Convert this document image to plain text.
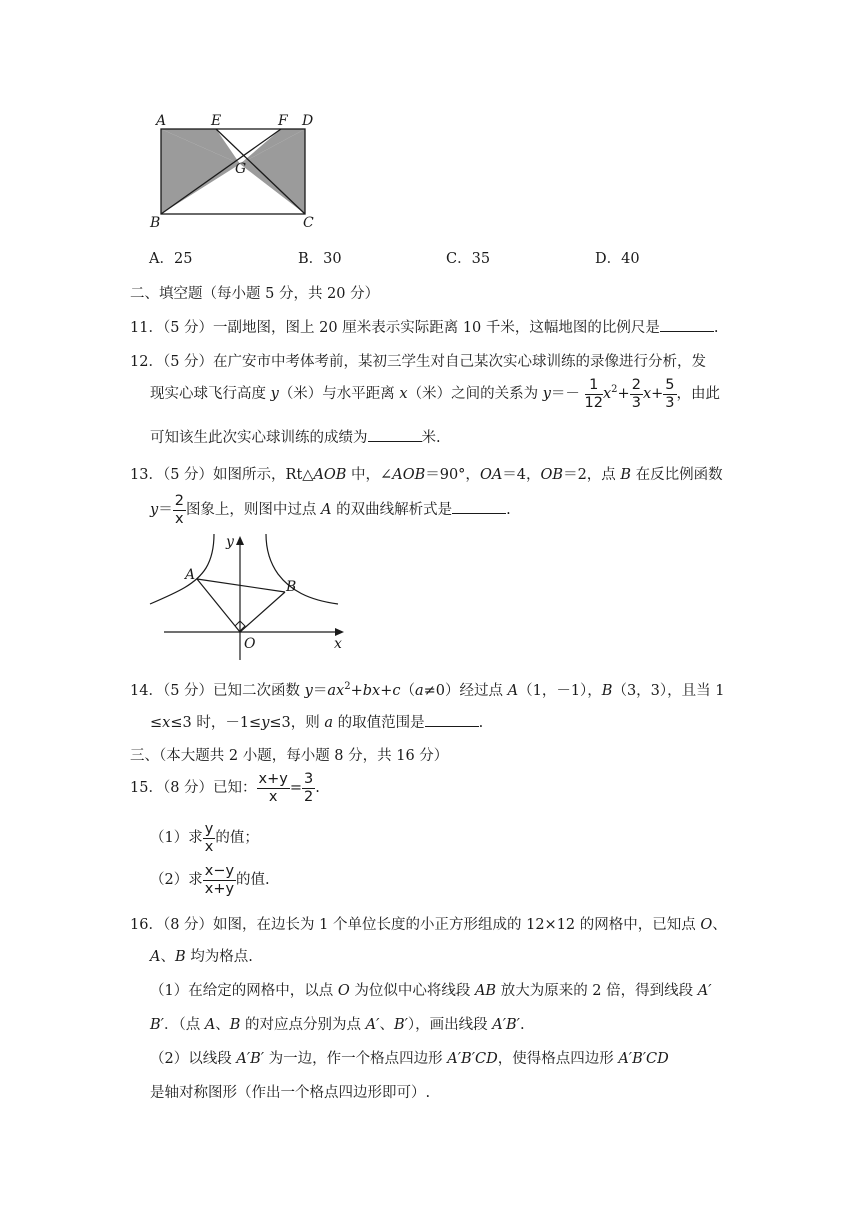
A	E	F D
G
B	C
A．25	B．30	C．35	D．40
二、填空题（每小题 5 分，共 20 分）
11．（5 分）一副地图，图上 20 厘米表示实际距离 10 千米，这幅地图的比例尺是	.
12．（5 分）在广安市中考体考前，某初三学生对自己某次实心球训练的录像进行分析，发
现实心球飞行高度 y（米）与水平距离 x（米）之间的关系为 $y=- \frac{1}{12} x^2+ \frac{2}{3} x+ \frac{5}{3}$ ，由此
可知该生此次实心球训练的成绩为	米.
13．（5 分）如图所示，Rt△AOB 中，∠AOB＝90°，OA＝4，OB＝2，点 B 在反比例函数
$y= \frac{2}{x}$ 图象上，则图中过点 A 的双曲线解析式是	.
y
A
B
O	x
14．（5 分）已知二次函数 $y=ax^2+bx+c(a\ne 0)$经过点 A（1，－1），B（3，3），且当 1
≤x≤3 时，－1≤y≤3，则 a 的取值范围是	.
三、（本大题共 2 小题，每小题 8 分，共 16 分）
15．（8 分）已知： $\frac{x+y}{x} = \frac{3}{2}$ .
（1）求 $\frac{y}{x}$ 的值；
（2）求 $\frac{x-y}{x+y}$ 的值.
16．（8 分）如图，在边长为 1 个单位长度的小正方形组成的 12×12 的网格中，已知点 O、
A、B 均为格点.
（1）在给定的网格中，以点 O 为位似中心将线段 AB 放大为原来的 2 倍，得到线段 A′
B′．（点 A、B 的对应点分别为点 A′、B′），画出线段 A′B′.
（2）以线段 A′B′ 为一边，作一个格点四边形 A′B′CD，使得格点四边形 A′B′CD
是轴对称图形（作出一个格点四边形即可）.
